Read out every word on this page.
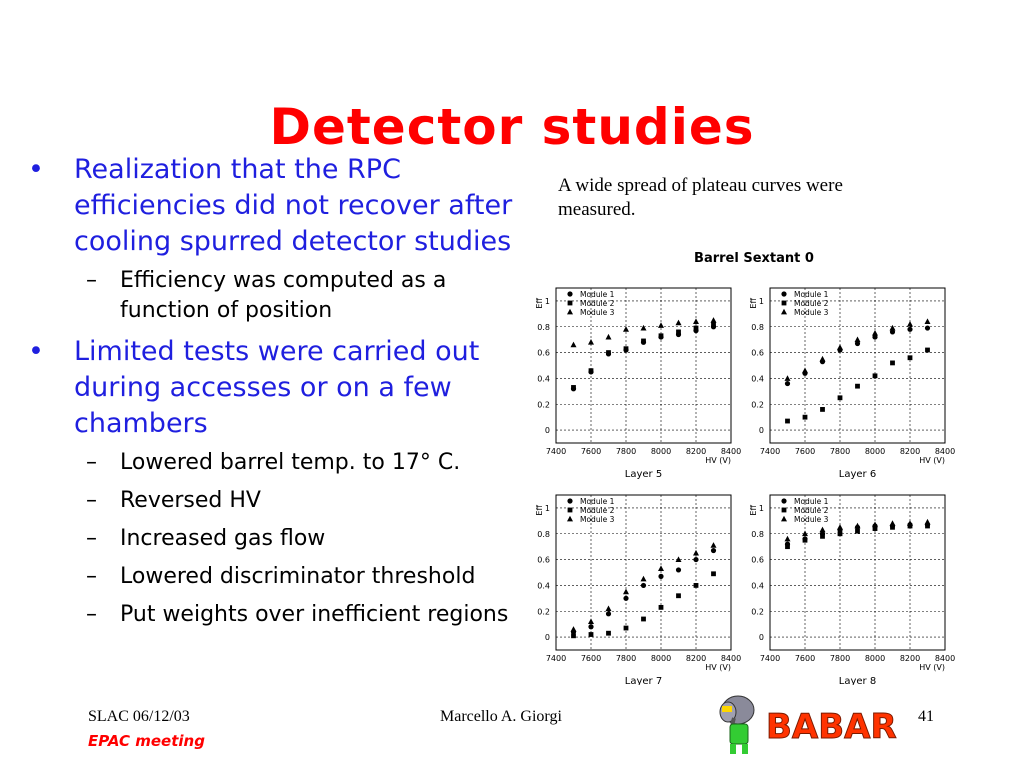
Detector studies
• Realization that the RPC efficiencies did not recover after cooling spurred detector studies
– Efficiency was computed as a function of position
• Limited tests were carried out during accesses or on a few chambers
– Lowered barrel temp. to 17° C.
– Reversed HV
– Increased gas flow
– Lowered discriminator threshold
– Put weights over inefficient regions
A wide spread of plateau curves were measured.
Barrel Sextant 0
0
0.2
0.4
0.6
0.8
1
7400 7600 7800 8000 8200 8400
Eff
HV (V)
Layer 5
Module 1
Module 2
Module 3
0
0.2
0.4
0.6
0.8
1
7400 7600 7800 8000 8200 8400
Eff
HV (V)
Layer 6
Module 1
Module 2
Module 3
0
0.2
0.4
0.6
0.8
1
7400 7600 7800 8000 8200 8400
Eff
HV (V)
Layer 7
Module 1
Module 2
Module 3
0
0.2
0.4
0.6
0.8
1
7400 7600 7800 8000 8200 8400
Eff
HV (V)
Layer 8
Module 1
Module 2
Module 3
SLAC 06/12/03	Marcello A. Giorgi	41
EPAC meeting	BABAR
